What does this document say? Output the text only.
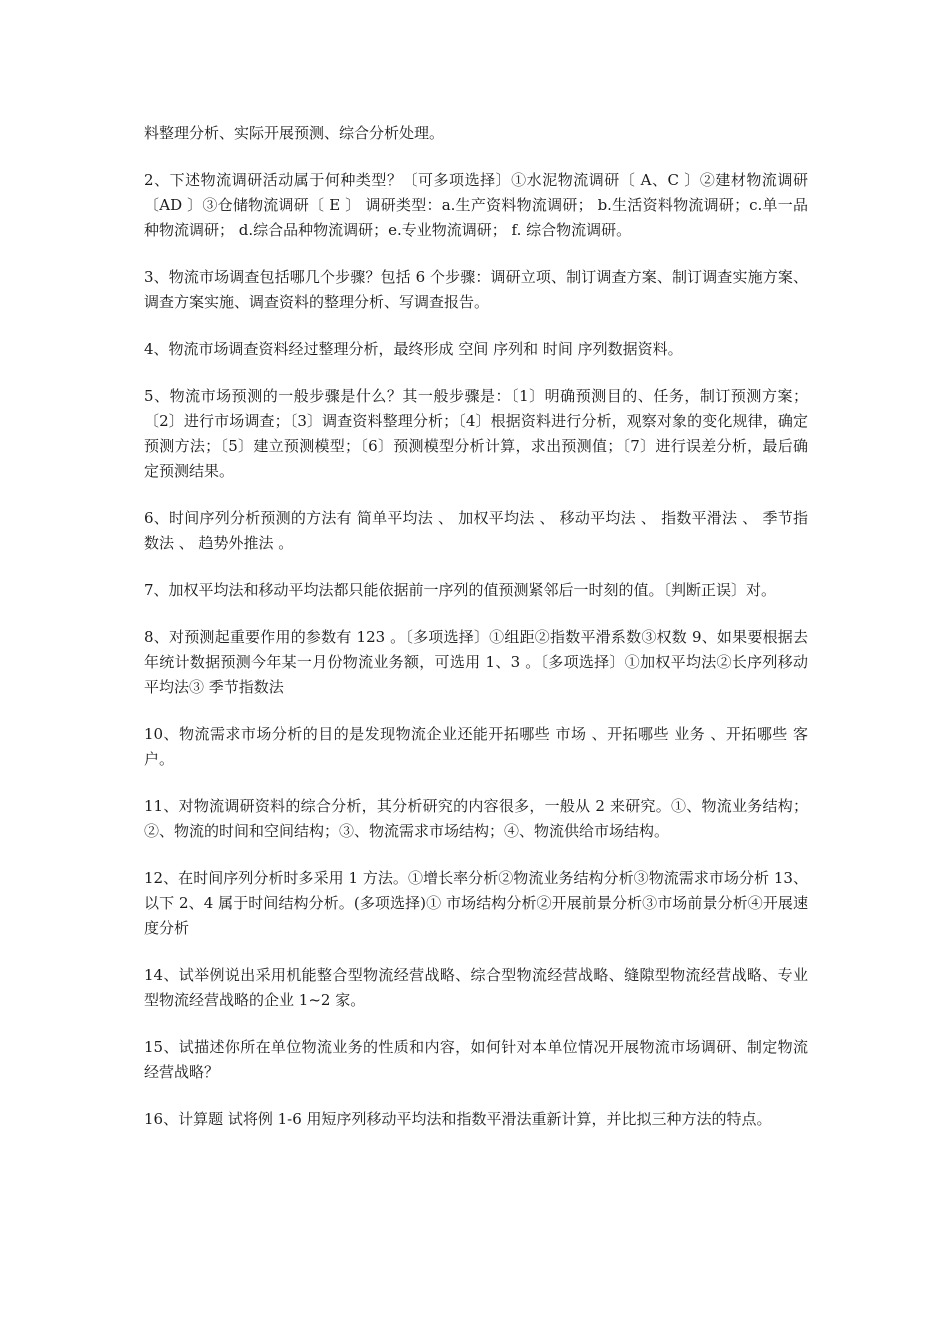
料整理分析、实际开展预测、综合分析处理。

2、下述物流调研活动属于何种类型？〔可多项选择〕①水泥物流调研〔 A、C 〕②建材物流调研〔AD 〕③仓储物流调研〔 E 〕 调研类型：a.生产资料物流调研； b.生活资料物流调研；c.单一品种物流调研； d.综合品种物流调研；e.专业物流调研； f. 综合物流调研。

3、物流市场调查包括哪几个步骤？包括 6 个步骤：调研立项、制订调查方案、制订调查实施方案、调查方案实施、调查资料的整理分析、写调查报告。

4、物流市场调查资料经过整理分析，最终形成 空间 序列和 时间 序列数据资料。

5、物流市场预测的一般步骤是什么？其一般步骤是：〔1〕明确预测目的、任务，制订预测方案；〔2〕进行市场调查；〔3〕调查资料整理分析；〔4〕根据资料进行分析，观察对象的变化规律，确定预测方法；〔5〕建立预测模型；〔6〕预测模型分析计算，求出预测值；〔7〕进行误差分析，最后确定预测结果。

6、时间序列分析预测的方法有 简单平均法 、 加权平均法 、 移动平均法 、 指数平滑法 、 季节指数法 、 趋势外推法 。

7、加权平均法和移动平均法都只能依据前一序列的值预测紧邻后一时刻的值。〔判断正误〕对。

8、对预测起重要作用的参数有 123 。〔多项选择〕①组距②指数平滑系数③权数 9、如果要根据去年统计数据预测今年某一月份物流业务额，可选用 1、3 。〔多项选择〕①加权平均法②长序列移动平均法③ 季节指数法

10、物流需求市场分析的目的是发现物流企业还能开拓哪些 市场 、开拓哪些 业务 、开拓哪些 客户。

11、对物流调研资料的综合分析，其分析研究的内容很多，一般从 2 来研究。①、物流业务结构；②、物流的时间和空间结构；③、物流需求市场结构；④、物流供给市场结构。

12、在时间序列分析时多采用 1 方法。①增长率分析②物流业务结构分析③物流需求市场分析 13、以下 2、4 属于时间结构分析。(多项选择)① 市场结构分析②开展前景分析③市场前景分析④开展速度分析

14、试举例说出采用机能整合型物流经营战略、综合型物流经营战略、缝隙型物流经营战略、专业型物流经营战略的企业 1~2 家。

15、试描述你所在单位物流业务的性质和内容，如何针对本单位情况开展物流市场调研、制定物流经营战略？

16、计算题 试将例 1-6 用短序列移动平均法和指数平滑法重新计算，并比拟三种方法的特点。
